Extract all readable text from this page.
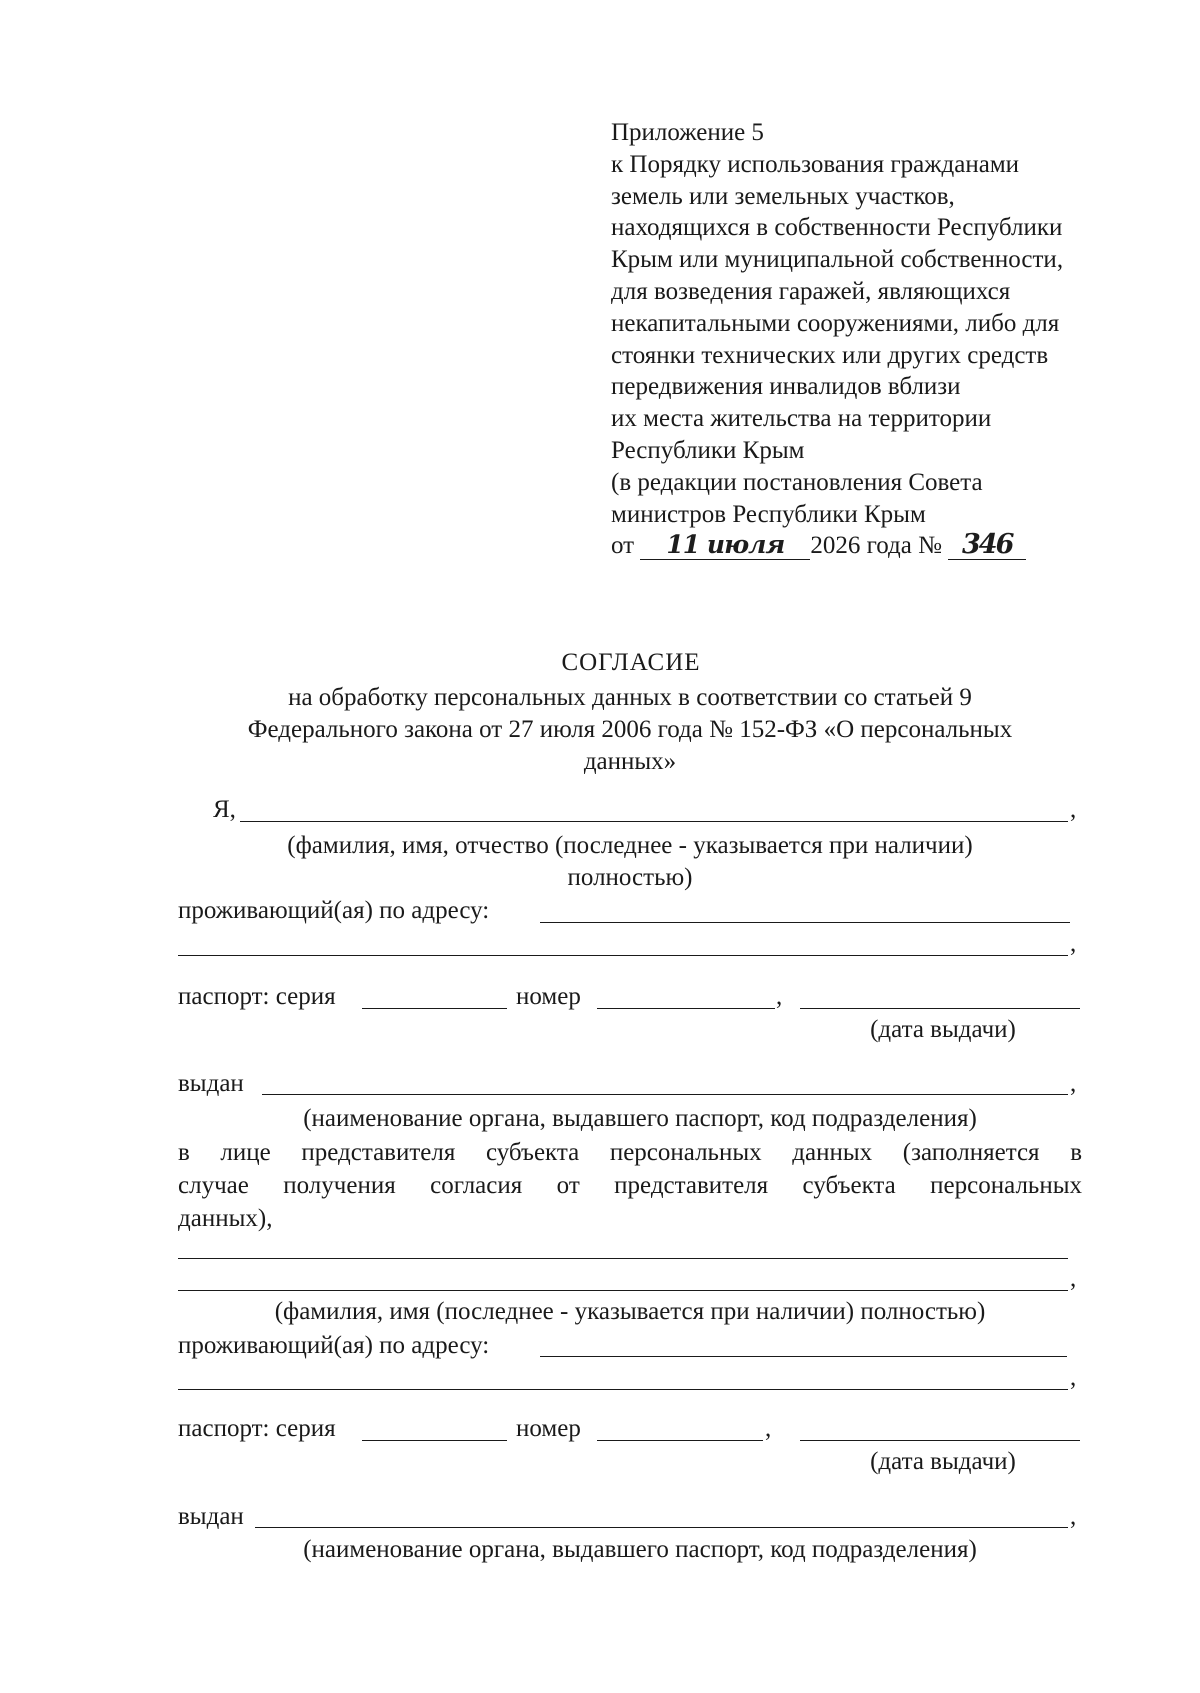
Приложение 5
к Порядку использования гражданами
земель или земельных участков,
находящихся в собственности Республики
Крым или муниципальной собственности,
для возведения гаражей, являющихся
некапитальными сооружениями, либо для
стоянки технических или других средств
передвижения инвалидов вблизи
их места жительства на территории
Республики Крым
(в редакции постановления Совета
министров Республики Крым
от 11 июля 2026 года № 346
СОГЛАСИЕ
на обработку персональных данных в соответствии со статьей 9
Федерального закона от 27 июля 2006 года № 152-ФЗ «О персональных
данных»
Я,	,
(фамилия, имя, отчество (последнее - указывается при наличии)
полностью)
проживающий(ая) по адресу:
,
паспорт: серия	номер	,
(дата выдачи)
выдан	,
(наименование органа, выдавшего паспорт, код подразделения)
в лице представителя субъекта персональных данных (заполняется в
случае получения согласия от представителя субъекта персональных
данных),
,
(фамилия, имя (последнее - указывается при наличии) полностью)
проживающий(ая) по адресу:
,
паспорт: серия	номер	,
(дата выдачи)
выдан	,
(наименование органа, выдавшего паспорт, код подразделения)
